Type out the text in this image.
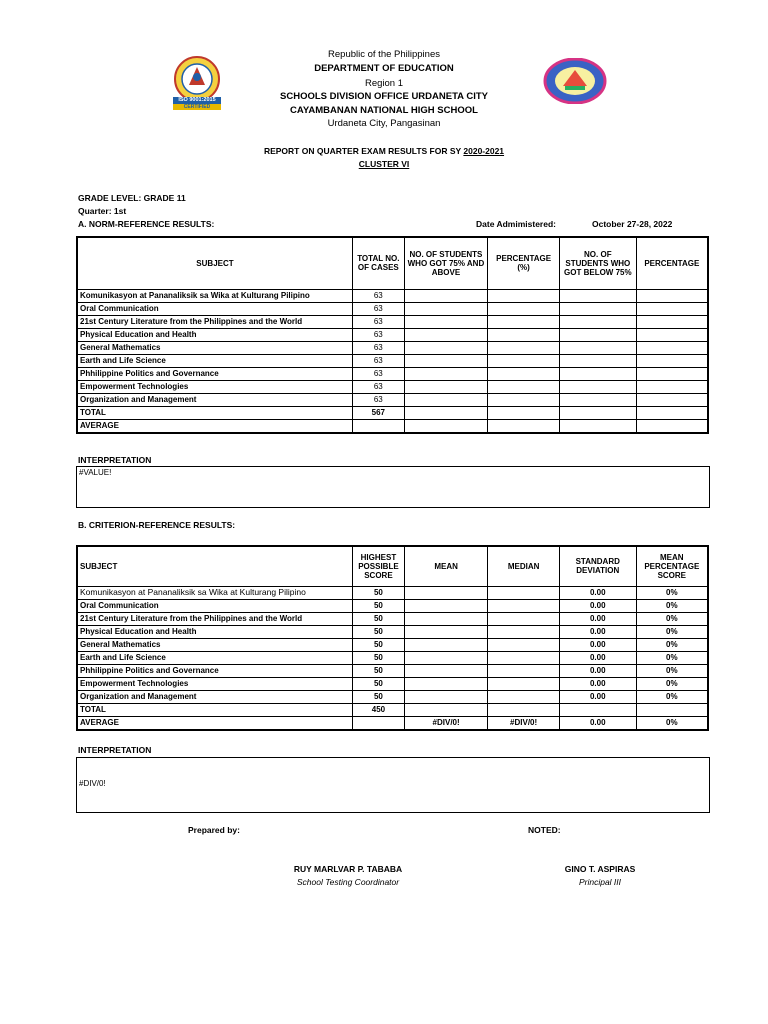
ISO 9001:2015
CERTIFIED
Republic of the Philippines
DEPARTMENT OF EDUCATION
Region 1
SCHOOLS DIVISION OFFICE URDANETA CITY
CAYAMBANAN NATIONAL HIGH SCHOOL
Urdaneta City, Pangasinan
REPORT ON QUARTER EXAM RESULTS FOR SY 2020-2021
CLUSTER VI
GRADE LEVEL: GRADE 11
Quarter: 1st
A. NORM-REFERENCE RESULTS:	Date Admimistered:	October 27-28, 2022
SUBJECT	TOTAL NO. OF CASES	NO. OF STUDENTS WHO GOT 75% AND ABOVE	PERCENTAGE (%)	NO. OF STUDENTS WHO GOT BELOW 75%	PERCENTAGE
Komunikasyon at Pananaliksik sa Wika at Kulturang Pilipino	63				
Oral Communication	63				
21st Century Literature from the Philippines and the World	63				
Physical Education and Health	63				
General Mathematics	63				
Earth and Life Science	63				
Phhilippine Politics and Governance	63				
Empowerment Technologies	63				
Organization and Management	63				
TOTAL	567				
AVERAGE					
INTERPRETATION
#VALUE!
B. CRITERION-REFERENCE RESULTS:
SUBJECT	HIGHEST POSSIBLE SCORE	MEAN	MEDIAN	STANDARD DEVIATION	MEAN PERCENTAGE SCORE
Komunikasyon at Pananaliksik sa Wika at Kulturang Pilipino	50			0.00	0%
Oral Communication	50			0.00	0%
21st Century Literature from the Philippines and the World	50			0.00	0%
Physical Education and Health	50			0.00	0%
General Mathematics	50			0.00	0%
Earth and Life Science	50			0.00	0%
Phhilippine Politics and Governance	50			0.00	0%
Empowerment Technologies	50			0.00	0%
Organization and Management	50			0.00	0%
TOTAL	450				
AVERAGE		#DIV/0!	#DIV/0!	0.00	0%
INTERPRETATION
#DIV/0!
Prepared by:	NOTED:
RUY MARLVAR P. TABABA
School Testing Coordinator
GINO T. ASPIRAS
Principal III
